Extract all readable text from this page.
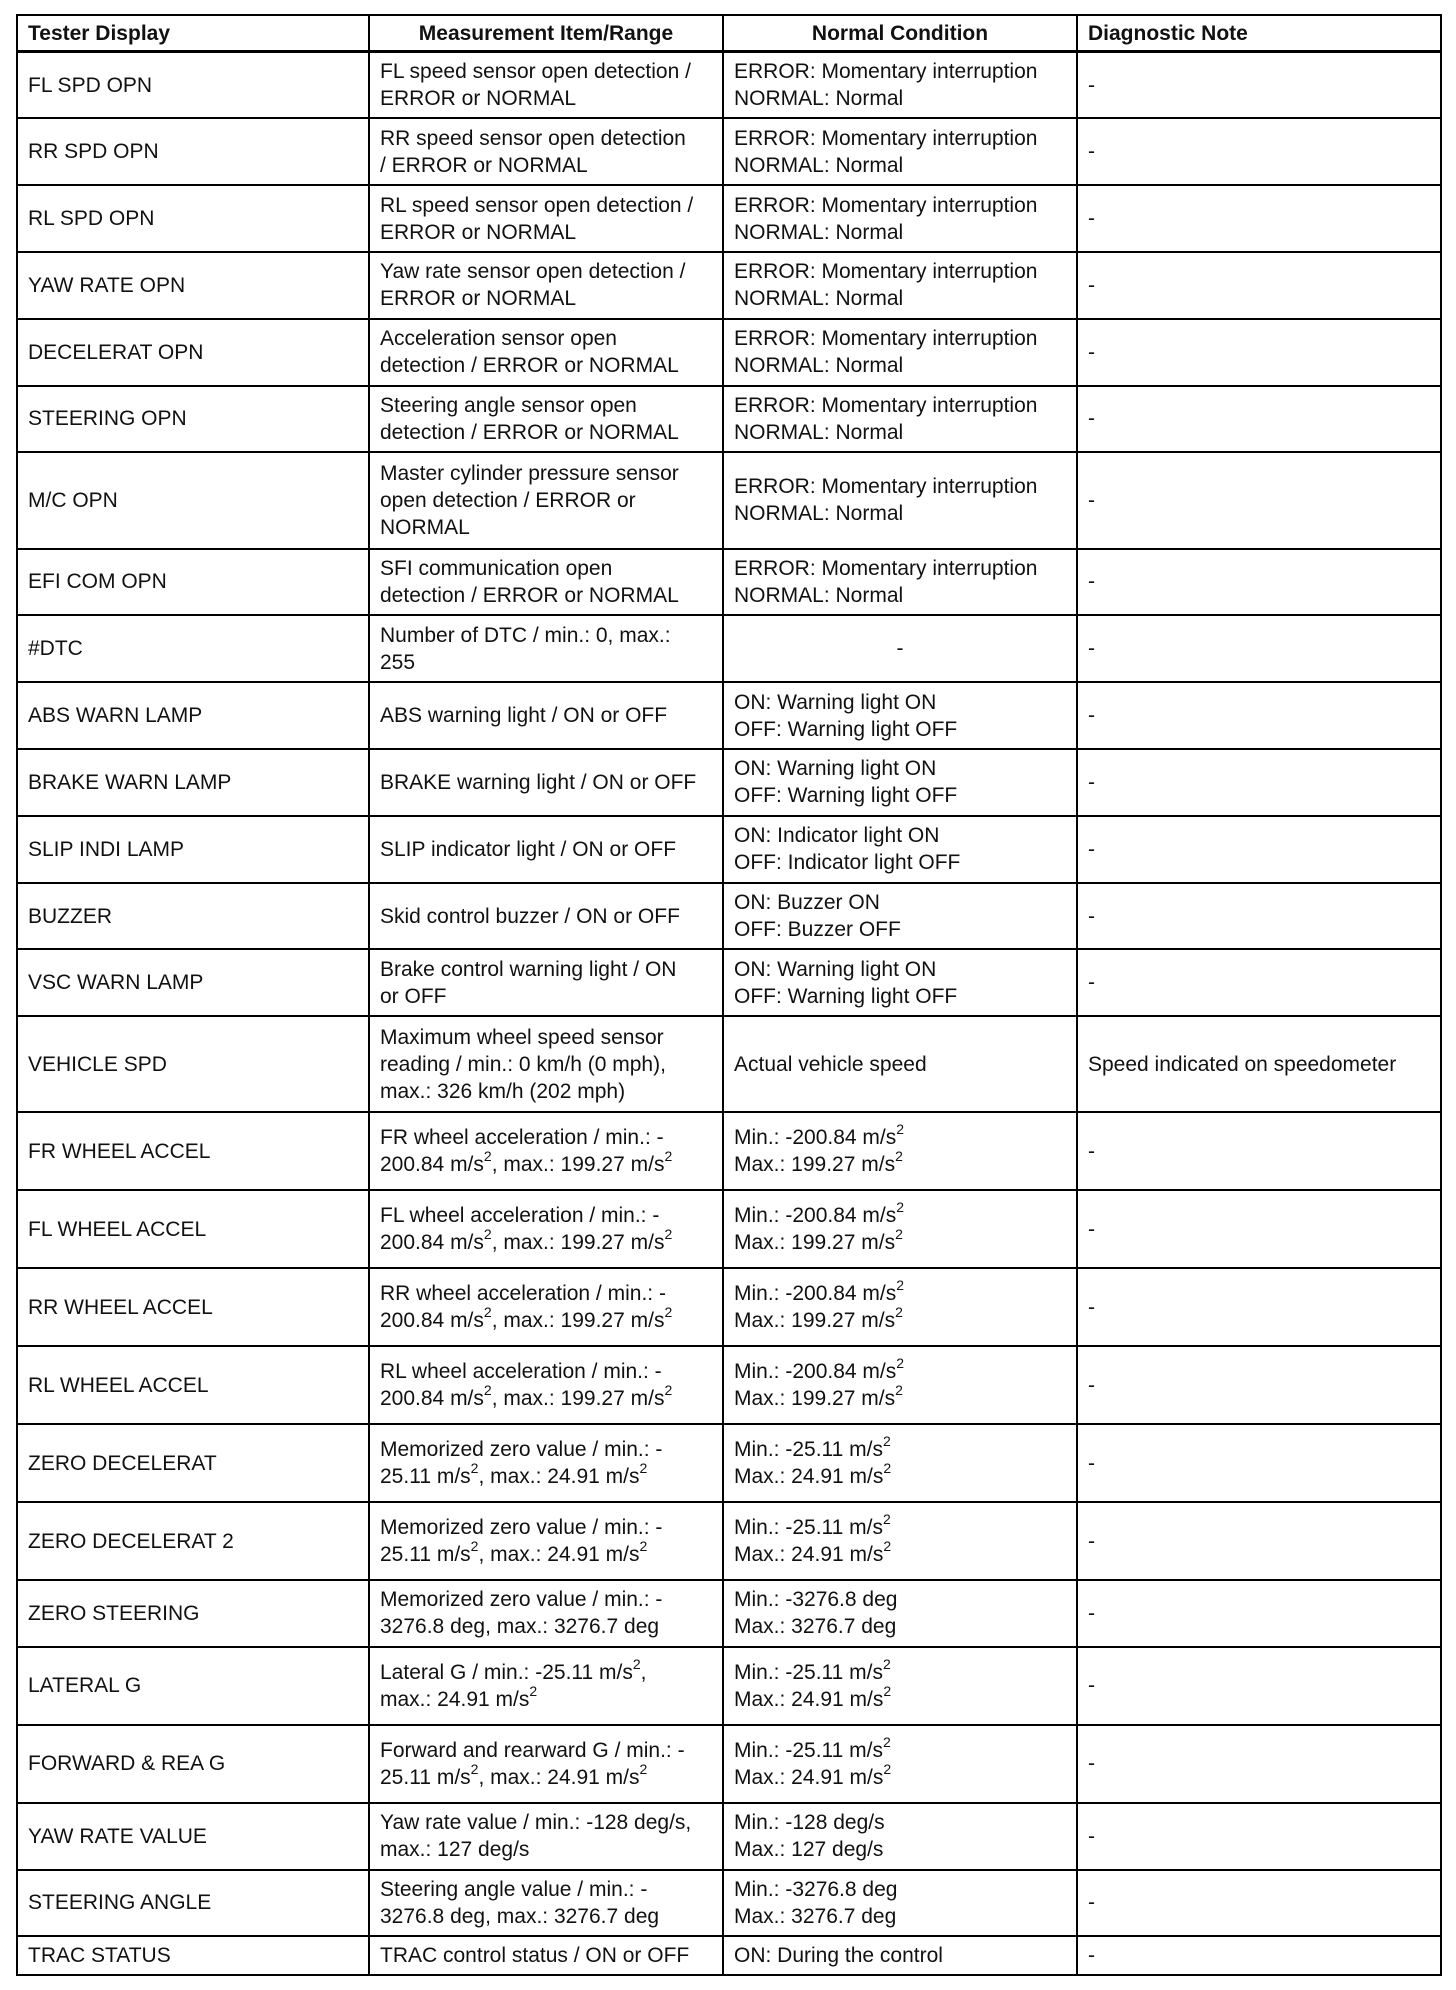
Tester Display	Measurement Item/Range	Normal Condition	Diagnostic Note

FL SPD OPN	FL speed sensor open detection /
ERROR or NORMAL	ERROR: Momentary interruption
NORMAL: Normal	-

RR SPD OPN	RR speed sensor open detection
/ ERROR or NORMAL	ERROR: Momentary interruption
NORMAL: Normal	-

RL SPD OPN	RL speed sensor open detection /
ERROR or NORMAL	ERROR: Momentary interruption
NORMAL: Normal	-

YAW RATE OPN	Yaw rate sensor open detection /
ERROR or NORMAL	ERROR: Momentary interruption
NORMAL: Normal	-

DECELERAT OPN	Acceleration sensor open
detection / ERROR or NORMAL	ERROR: Momentary interruption
NORMAL: Normal	-

STEERING OPN	Steering angle sensor open
detection / ERROR or NORMAL	ERROR: Momentary interruption
NORMAL: Normal	-

M/C OPN	Master cylinder pressure sensor
open detection / ERROR or
NORMAL	ERROR: Momentary interruption
NORMAL: Normal	-

EFI COM OPN	SFI communication open
detection / ERROR or NORMAL	ERROR: Momentary interruption
NORMAL: Normal	-

#DTC	Number of DTC / min.: 0, max.:
255	-	-

ABS WARN LAMP	ABS warning light / ON or OFF	ON: Warning light ON
OFF: Warning light OFF	-

BRAKE WARN LAMP	BRAKE warning light / ON or OFF	ON: Warning light ON
OFF: Warning light OFF	-

SLIP INDI LAMP	SLIP indicator light / ON or OFF	ON: Indicator light ON
OFF: Indicator light OFF	-

BUZZER	Skid control buzzer / ON or OFF	ON: Buzzer ON
OFF: Buzzer OFF	-

VSC WARN LAMP	Brake control warning light / ON
or OFF	ON: Warning light ON
OFF: Warning light OFF	-

VEHICLE SPD	Maximum wheel speed sensor
reading / min.: 0 km/h (0 mph),
max.: 326 km/h (202 mph)	Actual vehicle speed	Speed indicated on speedometer

FR WHEEL ACCEL	FR wheel acceleration / min.: -
200.84 $m/s^2$, max.: 199.27 $m/s^2$	Min.: -200.84 $m/s^2$
Max.: 199.27 $m/s^2$	-

FL WHEEL ACCEL	FL wheel acceleration / min.: -
200.84 $m/s^2$, max.: 199.27 $m/s^2$	Min.: -200.84 $m/s^2$
Max.: 199.27 $m/s^2$	-

RR WHEEL ACCEL	RR wheel acceleration / min.: -
200.84 $m/s^2$, max.: 199.27 $m/s^2$	Min.: -200.84 $m/s^2$
Max.: 199.27 $m/s^2$	-

RL WHEEL ACCEL	RL wheel acceleration / min.: -
200.84 $m/s^2$, max.: 199.27 $m/s^2$	Min.: -200.84 $m/s^2$
Max.: 199.27 $m/s^2$	-

ZERO DECELERAT	Memorized zero value / min.: -
25.11 $m/s^2$, max.: 24.91 $m/s^2$	Min.: -25.11 $m/s^2$
Max.: 24.91 $m/s^2$	-

ZERO DECELERAT 2	Memorized zero value / min.: -
25.11 $m/s^2$, max.: 24.91 $m/s^2$	Min.: -25.11 $m/s^2$
Max.: 24.91 $m/s^2$	-

ZERO STEERING	Memorized zero value / min.: -
3276.8 deg, max.: 3276.7 deg	Min.: -3276.8 deg
Max.: 3276.7 deg	-

LATERAL G	Lateral G / min.: -25.11 $m/s^2$,
max.: 24.91 $m/s^2$	Min.: -25.11 $m/s^2$
Max.: 24.91 $m/s^2$	-

FORWARD & REA G	Forward and rearward G / min.: -
25.11 $m/s^2$, max.: 24.91 $m/s^2$	Min.: -25.11 $m/s^2$
Max.: 24.91 $m/s^2$	-

YAW RATE VALUE	Yaw rate value / min.: -128 deg/s,
max.: 127 deg/s	Min.: -128 deg/s
Max.: 127 deg/s	-

STEERING ANGLE	Steering angle value / min.: -
3276.8 deg, max.: 3276.7 deg	Min.: -3276.8 deg
Max.: 3276.7 deg	-

TRAC STATUS	TRAC control status / ON or OFF	ON: During the control	-
